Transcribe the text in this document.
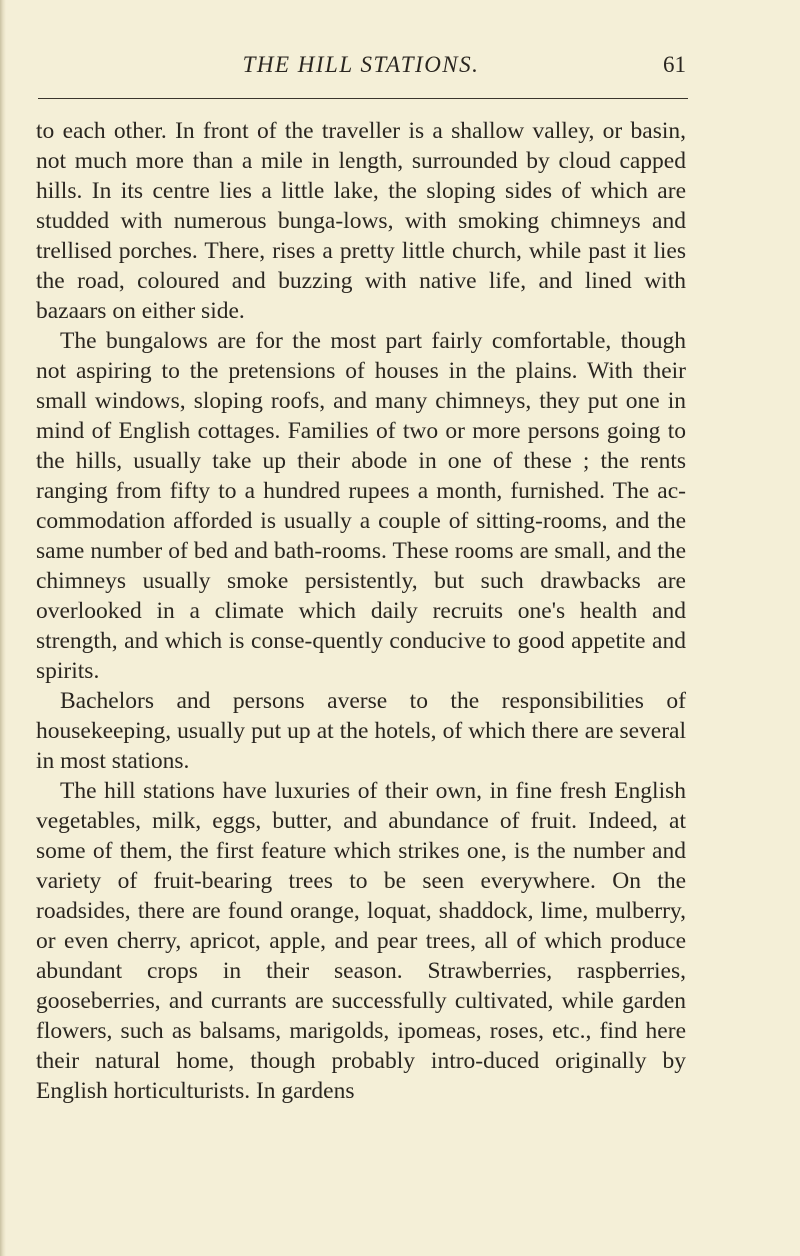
THE HILL STATIONS.	61

to each other. In front of the traveller is a shallow valley, or basin, not much more than a mile in length, surrounded by cloud capped hills. In its centre lies a little lake, the sloping sides of which are studded with numerous bunga-lows, with smoking chimneys and trellised porches. There, rises a pretty little church, while past it lies the road, coloured and buzzing with native life, and lined with bazaars on either side.

The bungalows are for the most part fairly comfortable, though not aspiring to the pretensions of houses in the plains. With their small windows, sloping roofs, and many chimneys, they put one in mind of English cottages. Families of two or more persons going to the hills, usually take up their abode in one of these ; the rents ranging from fifty to a hundred rupees a month, furnished. The ac-commodation afforded is usually a couple of sitting-rooms, and the same number of bed and bath-rooms. These rooms are small, and the chimneys usually smoke persistently, but such drawbacks are overlooked in a climate which daily recruits one's health and strength, and which is conse-quently conducive to good appetite and spirits.

Bachelors and persons averse to the responsibilities of housekeeping, usually put up at the hotels, of which there are several in most stations.

The hill stations have luxuries of their own, in fine fresh English vegetables, milk, eggs, butter, and abundance of fruit. Indeed, at some of them, the first feature which strikes one, is the number and variety of fruit-bearing trees to be seen everywhere. On the roadsides, there are found orange, loquat, shaddock, lime, mulberry, or even cherry, apricot, apple, and pear trees, all of which produce abundant crops in their season. Strawberries, raspberries, gooseberries, and currants are successfully cultivated, while garden flowers, such as balsams, marigolds, ipomeas, roses, etc., find here their natural home, though probably intro-duced originally by English horticulturists. In gardens
